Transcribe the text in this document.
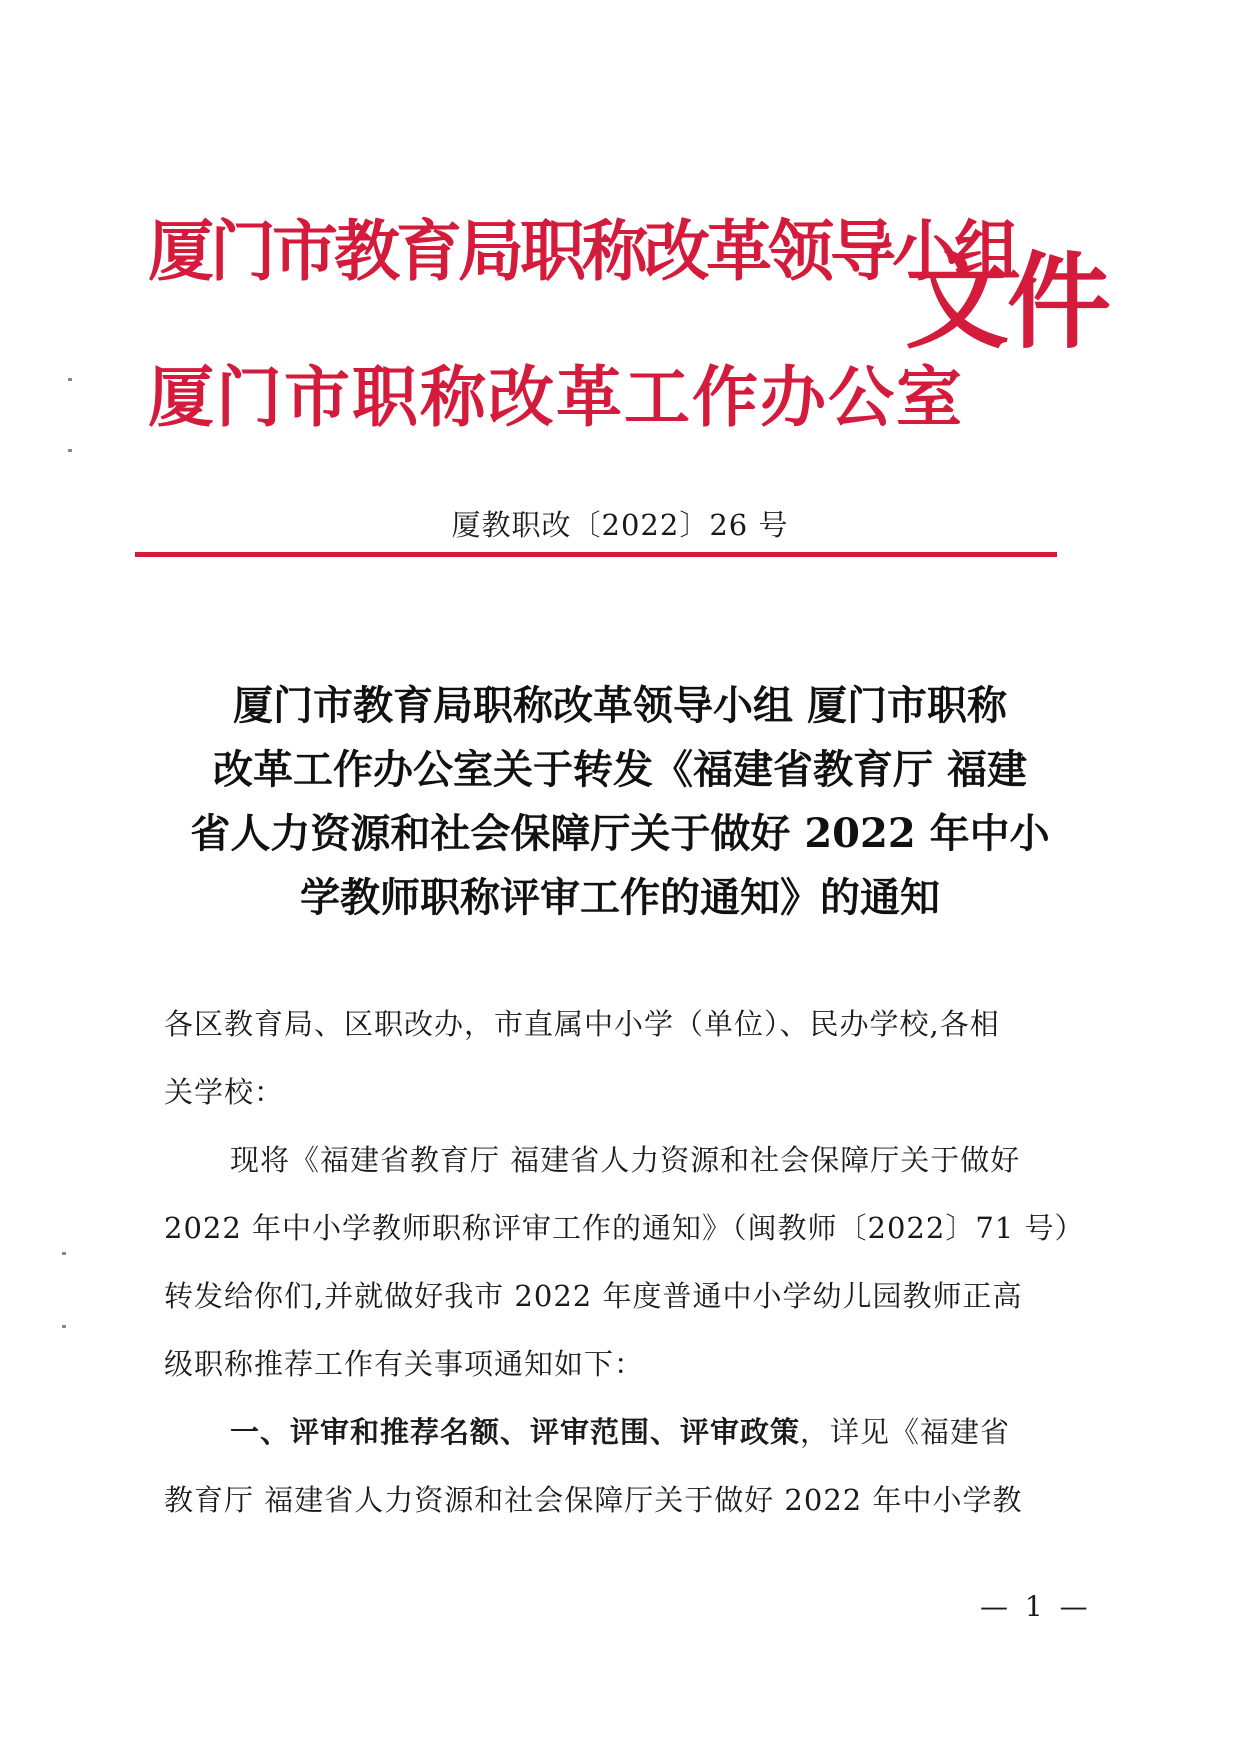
厦门市教育局职称改革领导小组
厦门市职称改革工作办公室
文件
厦教职改〔2022〕26 号
厦门市教育局职称改革领导小组 厦门市职称
改革工作办公室关于转发《福建省教育厅 福建
省人力资源和社会保障厅关于做好 2022 年中小
学教师职称评审工作的通知》的通知
各区教育局、区职改办，市直属中小学（单位）、民办学校,各相
关学校：
现将《福建省教育厅 福建省人力资源和社会保障厅关于做好
2022 年中小学教师职称评审工作的通知》（闽教师〔2022〕71 号）
转发给你们,并就做好我市 2022 年度普通中小学幼儿园教师正高
级职称推荐工作有关事项通知如下：
一、评审和推荐名额、评审范围、评审政策，详见《福建省
教育厅 福建省人力资源和社会保障厅关于做好 2022 年中小学教
— 1 —
